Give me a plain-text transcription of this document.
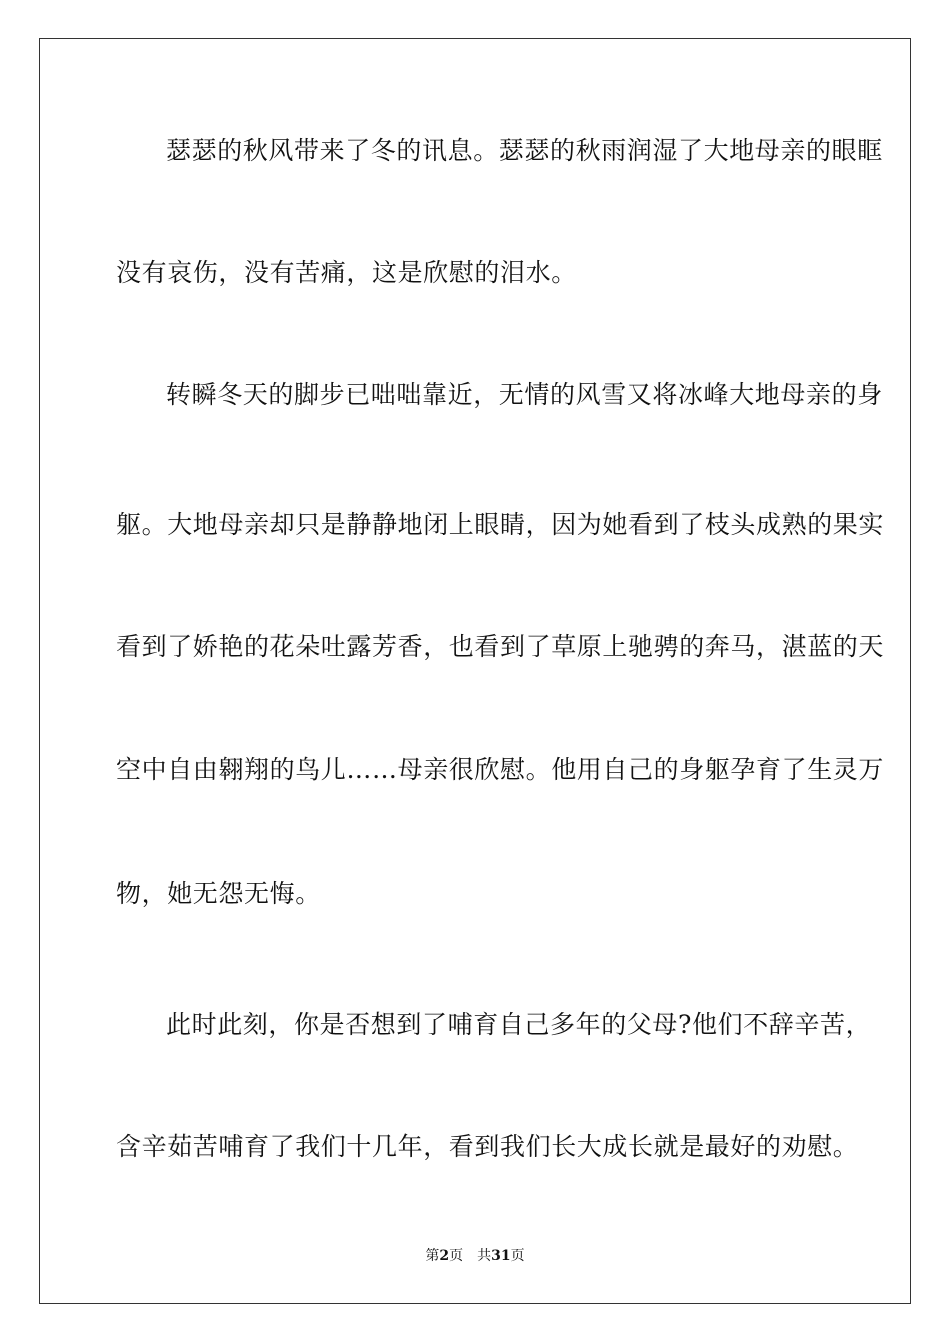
瑟瑟的秋风带来了冬的讯息。瑟瑟的秋雨润湿了大地母亲的眼眶
没有哀伤，没有苦痛，这是欣慰的泪水。
转瞬冬天的脚步已咄咄靠近，无情的风雪又将冰峰大地母亲的身
躯。大地母亲却只是静静地闭上眼睛，因为她看到了枝头成熟的果实
看到了娇艳的花朵吐露芳香，也看到了草原上驰骋的奔马，湛蓝的天
空中自由翱翔的鸟儿……母亲很欣慰。他用自己的身躯孕育了生灵万
物，她无怨无悔。
此时此刻，你是否想到了哺育自己多年的父母?他们不辞辛苦，
含辛茹苦哺育了我们十几年，看到我们长大成长就是最好的劝慰。
第2页 共31页
